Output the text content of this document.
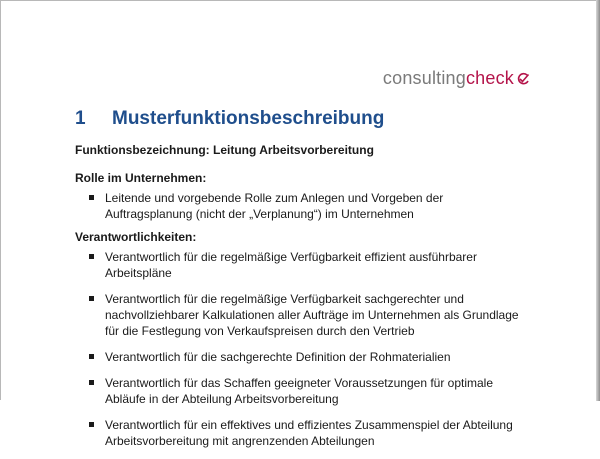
consulting check
1	Musterfunktionsbeschreibung
Funktionsbezeichnung: Leitung Arbeitsvorbereitung
Rolle im Unternehmen:
Leitende und vorgebende Rolle zum Anlegen und Vorgeben der Auftragsplanung (nicht der „Verplanung“) im Unternehmen
Verantwortlichkeiten:
Verantwortlich für die regelmäßige Verfügbarkeit effizient ausführbarer Arbeitspläne
Verantwortlich für die regelmäßige Verfügbarkeit sachgerechter und nachvollziehbarer Kalkulationen aller Aufträge im Unternehmen als Grundlage für die Festlegung von Verkaufspreisen durch den Vertrieb
Verantwortlich für die sachgerechte Definition der Rohmaterialien
Verantwortlich für das Schaffen geeigneter Voraussetzungen für optimale Abläufe in der Abteilung Arbeitsvorbereitung
Verantwortlich für ein effektives und effizientes Zusammenspiel der Abteilung Arbeitsvorbereitung mit angrenzenden Abteilungen
